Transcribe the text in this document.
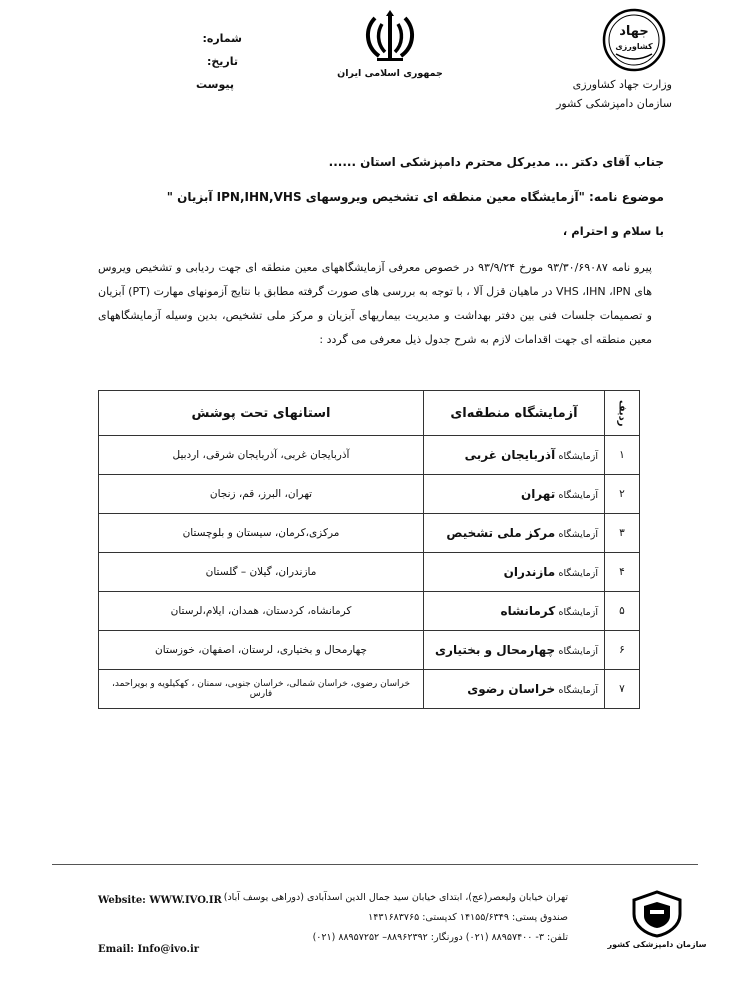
شماره:
تاریخ:
پیوست
جمهوری اسلامی ایران
جهاد
کشاورزی
وزارت جهاد کشاورزی
سازمان دامپزشکی کشور
جناب آقای دکتر ... مدیرکل محترم دامپزشکی استان ......
موضوع نامه: "آزمایشگاه معین منطقه ای تشخیص ویروسهای IPN,IHN,VHS آبزیان "
با سلام و احترام ،
پیرو نامه ۹۳/۳۰/۶۹۰۸۷ مورخ ۹۳/۹/۲۴ در خصوص معرفی آزمایشگاههای معین منطقه ای جهت ردیابی و تشخیص ویروس های VHS ،IHN ،IPN در ماهیان قزل آلا ، با توجه به بررسی های صورت گرفته مطابق با نتایج آزمونهای مهارت (PT) آبزیان و تصمیمات جلسات فنی بین دفتر بهداشت و مدیریت بیماریهای آبزیان و مرکز ملی تشخیص، بدین وسیله آزمایشگاههای معین منطقه ای جهت اقدامات لازم به شرح جدول ذیل معرفی می گردد :
ردیف	آزمایشگاه منطقه‌ای	استانهای تحت پوشش
۱	آزمایشگاه آذربایجان غربی	آذربایجان غربی، آذربایجان شرقی، اردبیل
۲	آزمایشگاه تهران	تهران، البرز، قم، زنجان
۳	آزمایشگاه مرکز ملی تشخیص	مرکزی،کرمان، سیستان و بلوچستان
۴	آزمایشگاه مازندران	مازندران، گیلان – گلستان
۵	آزمایشگاه کرمانشاه	کرمانشاه، کردستان، همدان، ایلام،لرستان
۶	آزمایشگاه چهارمحال و بختیاری	چهارمحال و بختیاری، لرستان، اصفهان، خوزستان
۷	آزمایشگاه خراسان رضوی	خراسان رضوی، خراسان شمالی، خراسان جنوبی، سمنان ، کهکیلویه و بویراحمد، فارس
Website: WWW.IVO.IR
Email: Info@ivo.ir
تهران خیابان ولیعصر(عج)، ابتدای خیابان سید جمال الدین اسدآبادی (دوراهی یوسف آباد)
صندوق پستی: ۱۴۱۵۵/۶۳۴۹ کدپستی: ۱۴۳۱۶۸۳۷۶۵
تلفن: ۳- ۸۸۹۵۷۴۰۰ (۰۲۱) دورنگار: ۸۸۹۶۲۳۹۲– ۸۸۹۵۷۲۵۲ (۰۲۱)
سازمان دامپزشکی کشور
